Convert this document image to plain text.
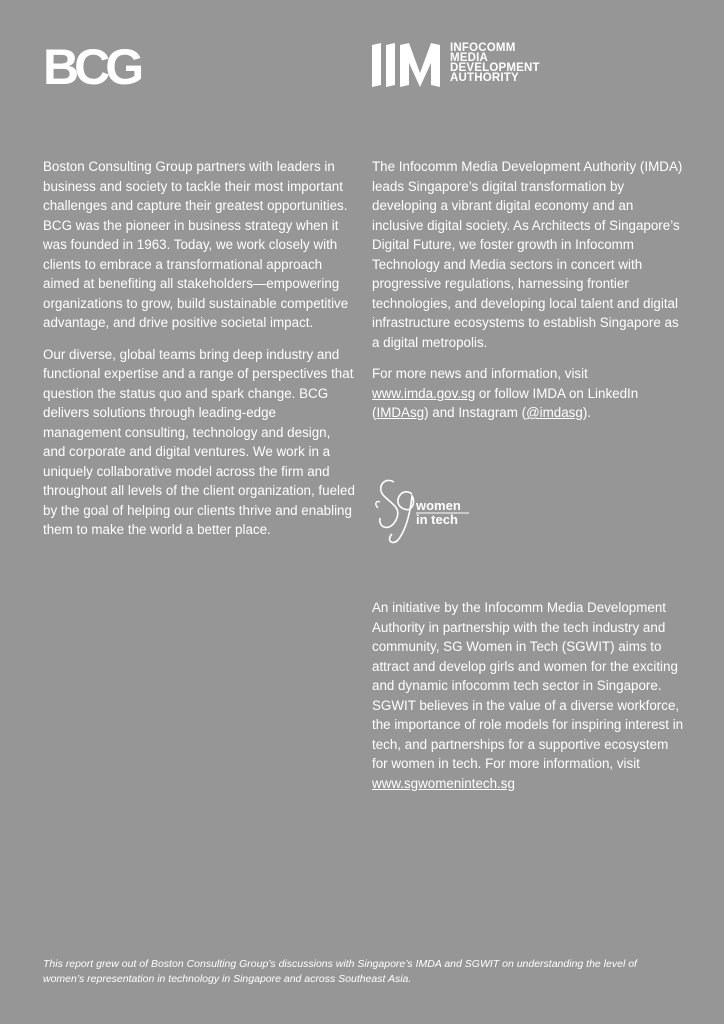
BCG	INFOCOMM
MEDIA
DEVELOPMENT
AUTHORITY

Boston Consulting Group partners with leaders in business and society to tackle their most important challenges and capture their greatest opportunities. BCG was the pioneer in business strategy when it was founded in 1963. Today, we work closely with clients to embrace a transformational approach aimed at benefiting all stakeholders—empowering organizations to grow, build sustainable competitive advantage, and drive positive societal impact.

Our diverse, global teams bring deep industry and functional expertise and a range of perspectives that question the status quo and spark change. BCG delivers solutions through leading-edge management consulting, technology and design, and corporate and digital ventures. We work in a uniquely collaborative model across the firm and throughout all levels of the client organization, fueled by the goal of helping our clients thrive and enabling them to make the world a better place.

The Infocomm Media Development Authority (IMDA) leads Singapore’s digital transformation by developing a vibrant digital economy and an inclusive digital society. As Architects of Singapore’s Digital Future, we foster growth in Infocomm Technology and Media sectors in concert with progressive regulations, harnessing frontier technologies, and developing local talent and digital infrastructure ecosystems to establish Singapore as a digital metropolis.

For more news and information, visit
www.imda.gov.sg or follow IMDA on LinkedIn (IMDAsg) and Instagram (@imdasg).

women
in tech
An initiative by the Infocomm Media Development Authority in partnership with the tech industry and community, SG Women in Tech (SGWIT) aims to attract and develop girls and women for the exciting and dynamic infocomm tech sector in Singapore. SGWIT believes in the value of a diverse workforce, the importance of role models for inspiring interest in tech, and partnerships for a supportive ecosystem for women in tech. For more information, visit
www.sgwomenintech.sg
This report grew out of Boston Consulting Group’s discussions with Singapore’s IMDA and SGWIT on understanding the level of women’s representation in technology in Singapore and across Southeast Asia.
